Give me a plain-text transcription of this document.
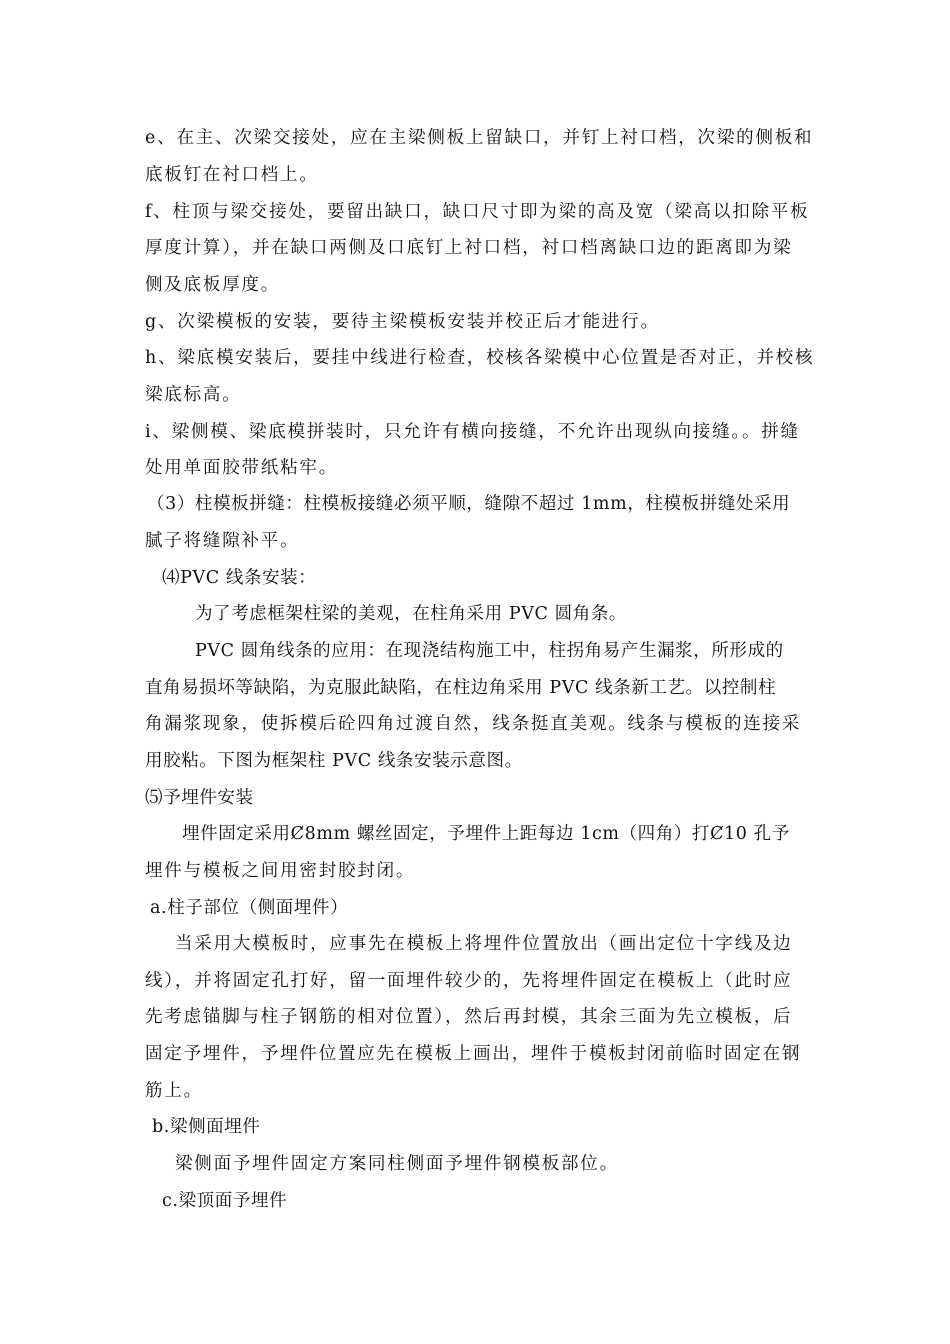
e、在主、次梁交接处，应在主梁侧板上留缺口，并钉上衬口档，次梁的侧板和
底板钉在衬口档上。
f、柱顶与梁交接处，要留出缺口，缺口尺寸即为梁的高及宽（梁高以扣除平板
厚度计算），并在缺口两侧及口底钉上衬口档，衬口档离缺口边的距离即为梁
侧及底板厚度。
g、次梁模板的安装，要待主梁模板安装并校正后才能进行。
h、梁底模安装后，要挂中线进行检查，校核各梁模中心位置是否对正，并校核
梁底标高。
i、梁侧模、梁底模拼装时，只允许有横向接缝，不允许出现纵向接缝。。拼缝
处用单面胶带纸粘牢。
（3）柱模板拼缝：柱模板接缝必须平顺，缝隙不超过 1mm，柱模板拼缝处采用
腻子将缝隙补平。
⑷PVC 线条安装：
为了考虑框架柱梁的美观，在柱角采用 PVC 圆角条。
PVC 圆角线条的应用：在现浇结构施工中，柱拐角易产生漏浆，所形成的
直角易损坏等缺陷，为克服此缺陷，在柱边角采用 PVC 线条新工艺。以控制柱
角漏浆现象，使拆模后砼四角过渡自然，线条挺直美观。线条与模板的连接采
用胶粘。下图为框架柱 PVC 线条安装示意图。
⑸予埋件安装
埋件固定采用Ȼ8mm 螺丝固定，予埋件上距每边 1cm（四角）打Ȼ10 孔予
埋件与模板之间用密封胶封闭。
a.柱子部位（侧面埋件）
当采用大模板时，应事先在模板上将埋件位置放出（画出定位十字线及边
线），并将固定孔打好，留一面埋件较少的，先将埋件固定在模板上（此时应
先考虑锚脚与柱子钢筋的相对位置），然后再封模，其余三面为先立模板，后
固定予埋件，予埋件位置应先在模板上画出，埋件于模板封闭前临时固定在钢
筋上。
b.梁侧面埋件
梁侧面予埋件固定方案同柱侧面予埋件钢模板部位。
c.梁顶面予埋件
